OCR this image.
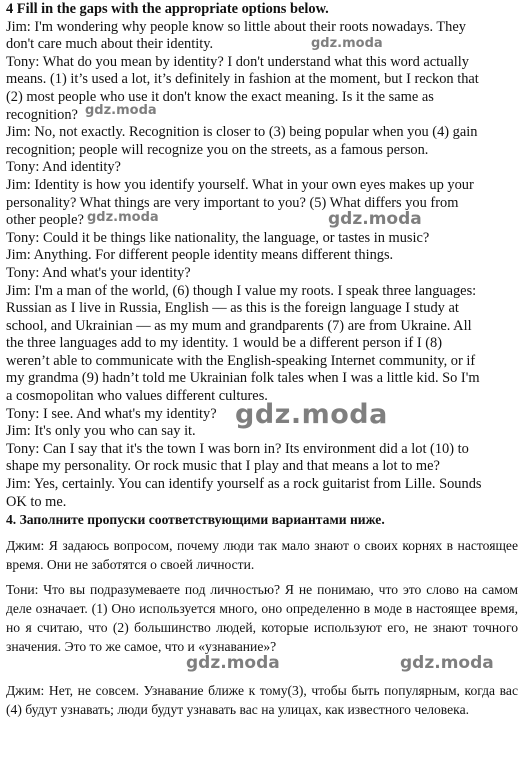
4 Fill in the gaps with the appropriate options below.

Jim: I'm wondering why people know so little about their roots nowadays. They

don't care much about their identity.

Tony: What do you mean by identity? I don't understand what this word actually

means. (1) it’s used a lot, it’s definitely in fashion at the moment, but I reckon that

(2) most people who use it don't know the exact meaning. Is it the same as

recognition?

Jim: No, not exactly. Recognition is closer to (3) being popular when you (4) gain

recognition; people will recognize you on the streets, as a famous person.

Tony: And identity?

Jim: Identity is how you identify yourself. What in your own eyes makes up your

personality? What things are very important to you? (5) What differs you from

other people?

Tony: Could it be things like nationality, the language, or tastes in music?

Jim: Anything. For different people identity means different things.

Tony: And what's your identity?

Jim: I'm a man of the world, (6) though I value my roots. I speak three languages:

Russian as I live in Russia, English — as this is the foreign language I study at

school, and Ukrainian — as my mum and grandparents (7) are from Ukraine. All

the three languages add to my identity. 1 would be a different person if I (8)

weren’t able to communicate with the English-speaking Internet community, or if

my grandma (9) hadn’t told me Ukrainian folk tales when I was a little kid. So I'm

a cosmopolitan who values different cultures.

Tony: I see. And what's my identity?

Jim: It's only you who can say it.

Tony: Can I say that it's the town I was born in? Its environment did a lot (10) to

shape my personality. Or rock music that I play and that means a lot to me?

Jim: Yes, certainly. You can identify yourself as a rock guitarist from Lille. Sounds

OK to me.

4. Заполните пропуски соответствующими вариантами ниже.

Джим: Я задаюсь вопросом, почему люди так мало знают о своих корнях в настоящее время. Они не заботятся о своей личности.

Тони: Что вы подразумеваете под личностью? Я не понимаю, что это слово на самом деле означает. (1) Оно используется много, оно определенно в моде в настоящее время, но я считаю, что (2) большинство людей, которые используют его, не знают точного значения. Это то же самое, что и «узнавание»?

Джим: Нет, не совсем. Узнавание ближе к тому(3), чтобы быть популярным, когда вас (4) будут узнавать; люди будут узнавать вас на улицах, как известного человека.

gdz.moda
gdz.moda
gdz.moda
gdz.moda
gdz.moda
gdz.moda	gdz.moda
